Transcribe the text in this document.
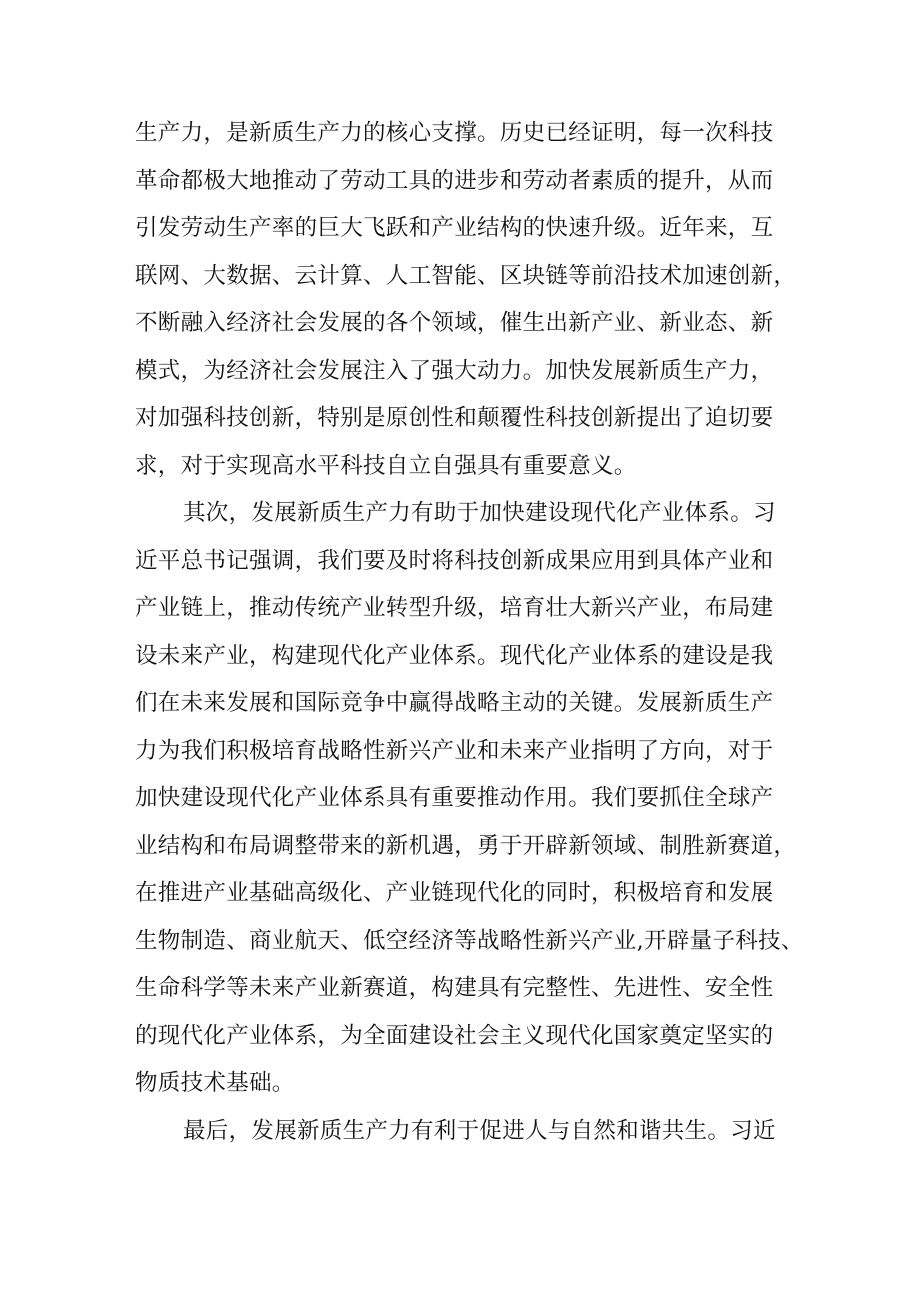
生产力，是新质生产力的核心支撑。历史已经证明，每一次科技
革命都极大地推动了劳动工具的进步和劳动者素质的提升，从而
引发劳动生产率的巨大飞跃和产业结构的快速升级。近年来，互
联网、大数据、云计算、人工智能、区块链等前沿技术加速创新，
不断融入经济社会发展的各个领域，催生出新产业、新业态、新
模式，为经济社会发展注入了强大动力。加快发展新质生产力，
对加强科技创新，特别是原创性和颠覆性科技创新提出了迫切要
求，对于实现高水平科技自立自强具有重要意义。
其次，发展新质生产力有助于加快建设现代化产业体系。习
近平总书记强调，我们要及时将科技创新成果应用到具体产业和
产业链上，推动传统产业转型升级，培育壮大新兴产业，布局建
设未来产业，构建现代化产业体系。现代化产业体系的建设是我
们在未来发展和国际竞争中赢得战略主动的关键。发展新质生产
力为我们积极培育战略性新兴产业和未来产业指明了方向，对于
加快建设现代化产业体系具有重要推动作用。我们要抓住全球产
业结构和布局调整带来的新机遇，勇于开辟新领域、制胜新赛道，
在推进产业基础高级化、产业链现代化的同时，积极培育和发展
生物制造、商业航天、低空经济等战略性新兴产业,开辟量子科技、
生命科学等未来产业新赛道，构建具有完整性、先进性、安全性
的现代化产业体系，为全面建设社会主义现代化国家奠定坚实的
物质技术基础。
最后，发展新质生产力有利于促进人与自然和谐共生。习近
